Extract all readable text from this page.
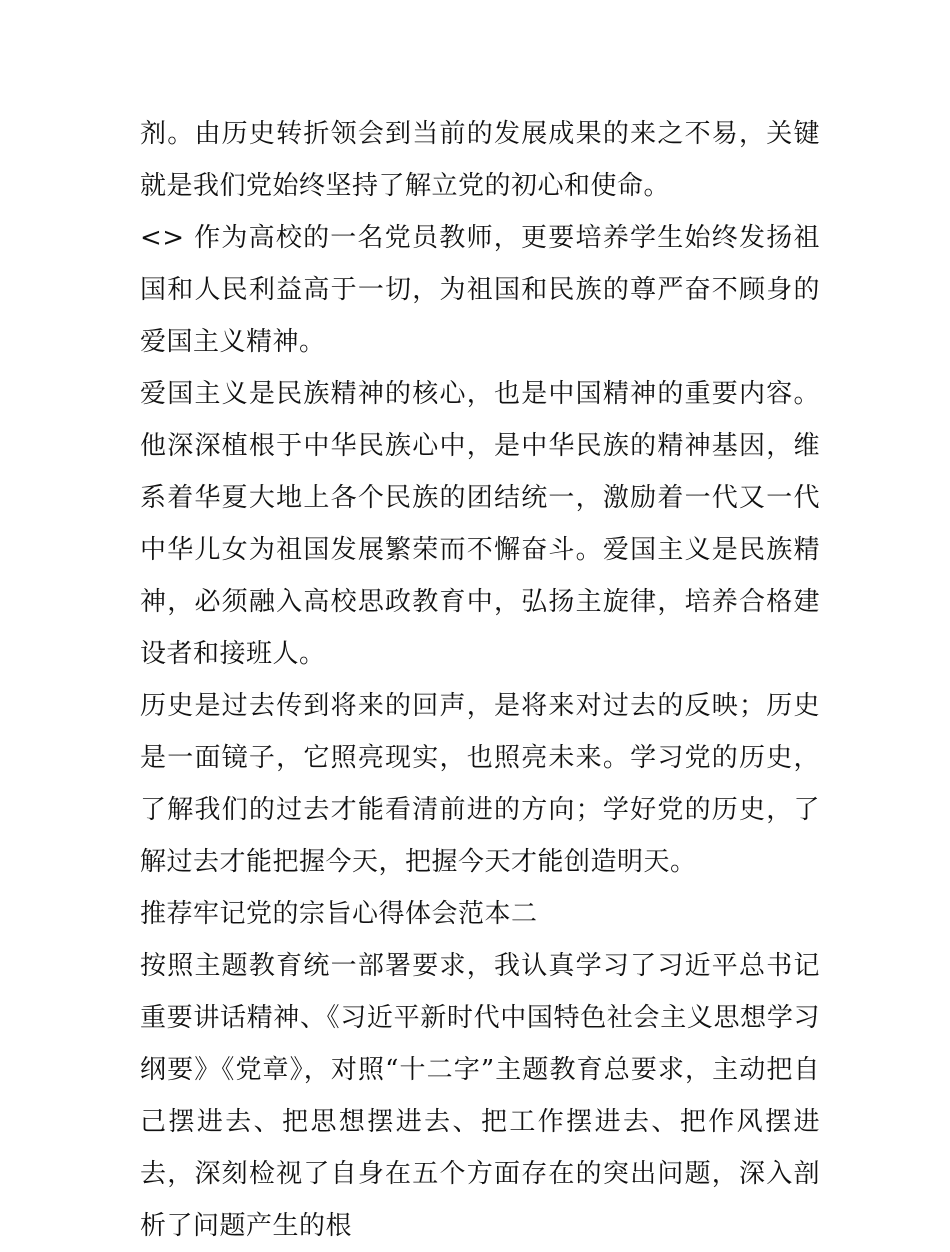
剂。由历史转折领会到当前的发展成果的来之不易，关键就是我们党始终坚持了解立党的初心和使命。

<> 作为高校的一名党员教师，更要培养学生始终发扬祖国和人民利益高于一切，为祖国和民族的尊严奋不顾身的爱国主义精神。

爱国主义是民族精神的核心，也是中国精神的重要内容。他深深植根于中华民族心中，是中华民族的精神基因，维系着华夏大地上各个民族的团结统一，激励着一代又一代中华儿女为祖国发展繁荣而不懈奋斗。爱国主义是民族精神，必须融入高校思政教育中，弘扬主旋律，培养合格建设者和接班人。

历史是过去传到将来的回声，是将来对过去的反映；历史是一面镜子，它照亮现实，也照亮未来。学习党的历史，了解我们的过去才能看清前进的方向；学好党的历史，了解过去才能把握今天，把握今天才能创造明天。

推荐牢记党的宗旨心得体会范本二

按照主题教育统一部署要求，我认真学习了习近平总书记重要讲话精神、《习近平新时代中国特色社会主义思想学习纲要》《党章》，对照“十二字”主题教育总要求，主动把自己摆进去、把思想摆进去、把工作摆进去、把作风摆进去，深刻检视了自身在五个方面存在的突出问题，深入剖析了问题产生的根
